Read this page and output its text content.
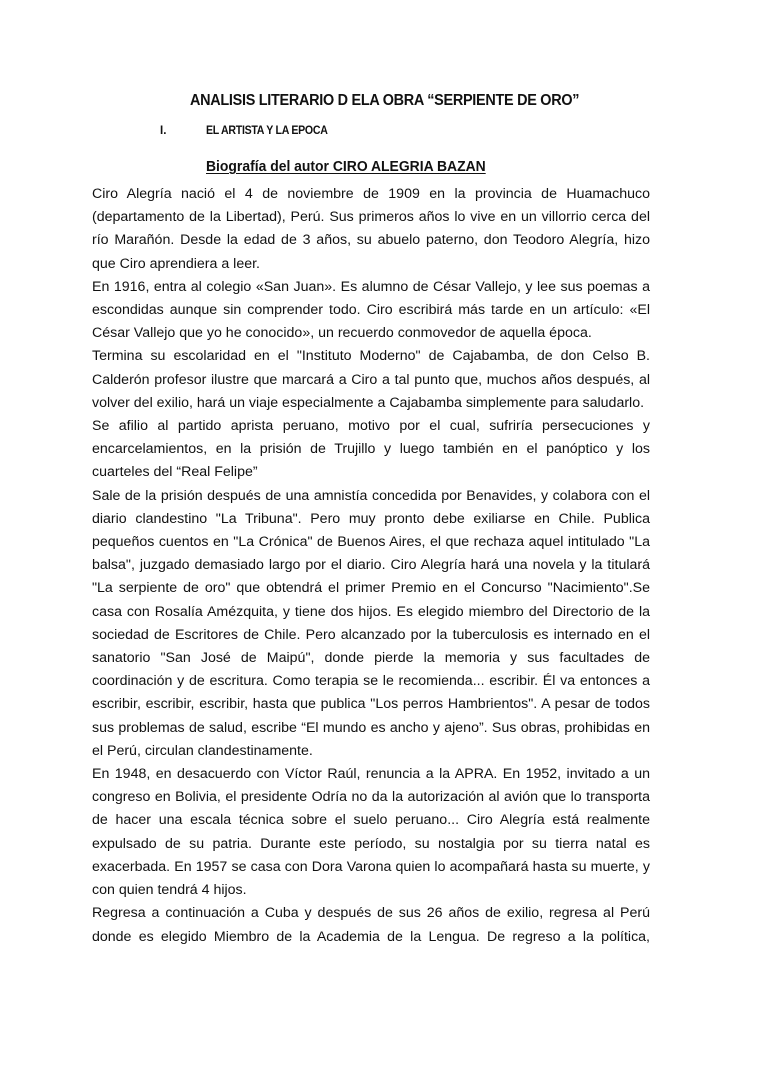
ANALISIS LITERARIO D ELA OBRA “SERPIENTE DE ORO”
I.	EL ARTISTA Y LA EPOCA
Biografía del autor CIRO ALEGRIA BAZAN

Ciro Alegría nació el 4 de noviembre de 1909 en la provincia de Huamachuco (departamento de la Libertad), Perú. Sus primeros años lo vive en un villorrio cerca del río Marañón. Desde la edad de 3 años, su abuelo paterno, don Teodoro Alegría, hizo que Ciro aprendiera a leer.

En 1916, entra al colegio «San Juan». Es alumno de César Vallejo, y lee sus poemas a escondidas aunque sin comprender todo. Ciro escribirá más tarde en un artículo: «El César Vallejo que yo he conocido», un recuerdo conmovedor de aquella época.

Termina su escolaridad en el "Instituto Moderno" de Cajabamba, de don Celso B. Calderón profesor ilustre que marcará a Ciro a tal punto que, muchos años después, al volver del exilio, hará un viaje especialmente a Cajabamba simplemente para saludarlo.

Se afilio al partido aprista peruano, motivo por el cual, sufriría persecuciones y encarcelamientos, en la prisión de Trujillo y luego también en el panóptico y los cuarteles del “Real Felipe”

Sale de la prisión después de una amnistía concedida por Benavides, y colabora con el diario clandestino "La Tribuna". Pero muy pronto debe exiliarse en Chile. Publica pequeños cuentos en "La Crónica" de Buenos Aires, el que rechaza aquel intitulado "La balsa", juzgado demasiado largo por el diario. Ciro Alegría hará una novela y la titulará "La serpiente de oro" que obtendrá el primer Premio en el Concurso "Nacimiento".Se casa con Rosalía Amézquita, y tiene dos hijos. Es elegido miembro del Directorio de la sociedad de Escritores de Chile. Pero alcanzado por la tuberculosis es internado en el sanatorio "San José de Maipú", donde pierde la memoria y sus facultades de coordinación y de escritura. Como terapia se le recomienda... escribir. Él va entonces a escribir, escribir, escribir, hasta que publica "Los perros Hambrientos". A pesar de todos sus problemas de salud, escribe “El mundo es ancho y ajeno”. Sus obras, prohibidas en el Perú, circulan clandestinamente.

En 1948, en desacuerdo con Víctor Raúl, renuncia a la APRA. En 1952, invitado a un congreso en Bolivia, el presidente Odría no da la autorización al avión que lo transporta de hacer una escala técnica sobre el suelo peruano... Ciro Alegría está realmente expulsado de su patria. Durante este período, su nostalgia por su tierra natal es exacerbada. En 1957 se casa con Dora Varona quien lo acompañará hasta su muerte, y con quien tendrá 4 hijos.

Regresa a continuación a Cuba y después de sus 26 años de exilio, regresa al Perú donde es elegido Miembro de la Academia de la Lengua. De regreso a la política,
